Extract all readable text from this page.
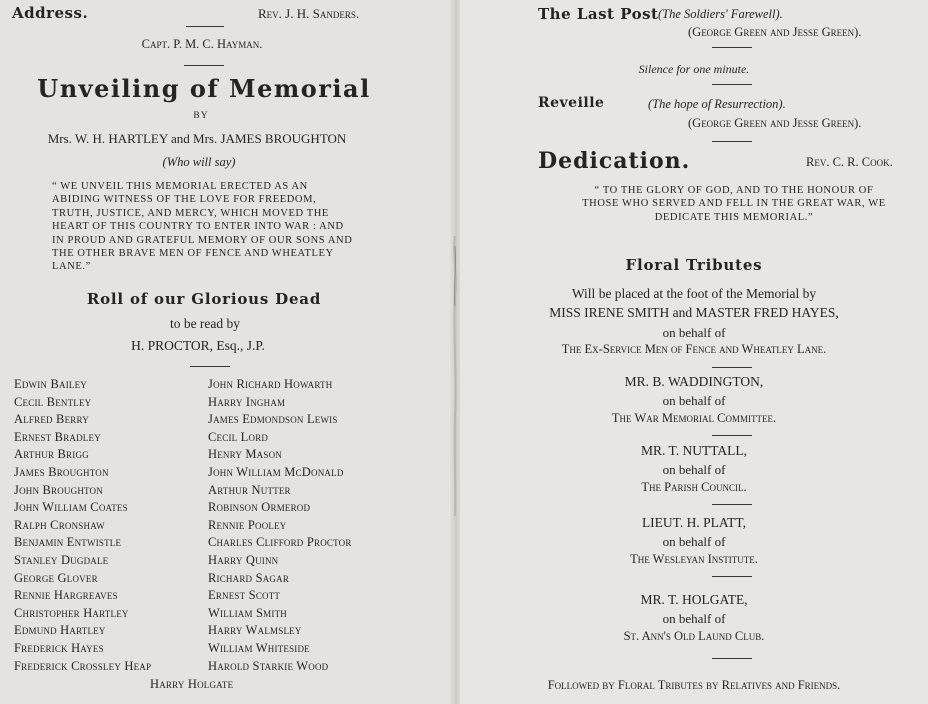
Address.	Rev. J. H. Sanders.
Capt. P. M. C. Hayman.
Unveiling of Memorial
BY
Mrs. W. H. HARTLEY and Mrs. JAMES BROUGHTON
(Who will say)
“ WE UNVEIL THIS MEMORIAL ERECTED AS AN ABIDING WITNESS OF THE LOVE FOR FREEDOM, TRUTH, JUSTICE, AND MERCY, WHICH MOVED THE HEART OF THIS COUNTRY TO ENTER INTO WAR : AND IN PROUD AND GRATEFUL MEMORY OF OUR SONS AND THE OTHER BRAVE MEN OF FENCE AND WHEATLEY LANE.”
Roll of our Glorious Dead
to be read by
H. PROCTOR, Esq., J.P.
Edwin Bailey
Cecil Bentley
Alfred Berry
Ernest Bradley
Arthur Brigg
James Broughton
John Broughton
John William Coates
Ralph Cronshaw
Benjamin Entwistle
Stanley Dugdale
George Glover
Rennie Hargreaves
Christopher Hartley
Edmund Hartley
Frederick Hayes
Frederick Crossley Heap
John Richard Howarth
Harry Ingham
James Edmondson Lewis
Cecil Lord
Henry Mason
John William McDonald
Arthur Nutter
Robinson Ormerod
Rennie Pooley
Charles Clifford Proctor
Harry Quinn
Richard Sagar
Ernest Scott
William Smith
Harry Walmsley
William Whiteside
Harold Starkie Wood
Harry Holgate
The Last Post (The Soldiers' Farewell).
(George Green and Jesse Green).
Silence for one minute.
Reveille	(The hope of Resurrection).
(George Green and Jesse Green).
Dedication.	Rev. C. R. Cook.
“ TO THE GLORY OF GOD, AND TO THE HONOUR OF THOSE WHO SERVED AND FELL IN THE GREAT WAR, WE DEDICATE THIS MEMORIAL.”
Floral Tributes
Will be placed at the foot of the Memorial by
MISS IRENE SMITH and MASTER FRED HAYES,
on behalf of
The Ex-Service Men of Fence and Wheatley Lane.
MR. B. WADDINGTON,
on behalf of
The War Memorial Committee.
MR. T. NUTTALL,
on behalf of
The Parish Council.
LIEUT. H. PLATT,
on behalf of
The Wesleyan Institute.
MR. T. HOLGATE,
on behalf of
St. Ann's Old Laund Club.
Followed by Floral Tributes by Relatives and Friends.
